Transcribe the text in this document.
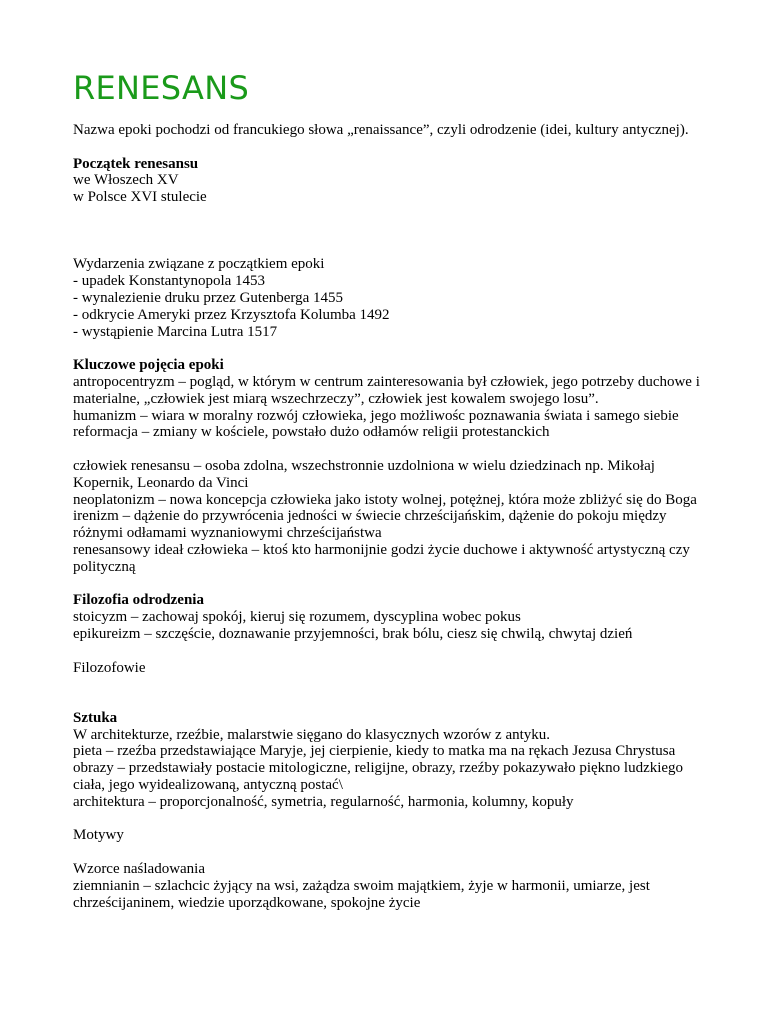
RENESANS

Nazwa epoki pochodzi od francukiego słowa „renaissance”, czyli odrodzenie (idei, kultury antycznej).

Początek renesansu

we Włoszech XV

w Polsce XVI stulecie

Wydarzenia związane z początkiem epoki

- upadek Konstantynopola 1453

- wynalezienie druku przez Gutenberga 1455

- odkrycie Ameryki przez Krzysztofa Kolumba 1492

- wystąpienie Marcina Lutra 1517

Kluczowe pojęcia epoki

antropocentryzm – pogląd, w którym w centrum zainteresowania był człowiek, jego potrzeby duchowe i materialne, „człowiek jest miarą wszechrzeczy”, człowiek jest kowalem swojego losu”.

humanizm – wiara w moralny rozwój człowieka, jego możliwośc poznawania świata i samego siebie

reformacja – zmiany w kościele, powstało dużo odłamów religii protestanckich

człowiek renesansu – osoba zdolna, wszechstronnie uzdolniona w wielu dziedzinach np. Mikołaj Kopernik, Leonardo da Vinci

neoplatonizm – nowa koncepcja człowieka jako istoty wolnej, potężnej, która może zbliżyć się do Boga

irenizm – dążenie do przywrócenia jedności w świecie chrześcijańskim, dążenie do pokoju między różnymi odłamami wyznaniowymi chrześcijaństwa

renesansowy ideał człowieka – ktoś kto harmonijnie godzi życie duchowe i aktywność artystyczną czy polityczną

Filozofia odrodzenia

stoicyzm – zachowaj spokój, kieruj się rozumem, dyscyplina wobec pokus

epikureizm – szczęście, doznawanie przyjemności, brak bólu, ciesz się chwilą, chwytaj dzień

Filozofowie

Sztuka

W architekturze, rzeźbie, malarstwie sięgano do klasycznych wzorów z antyku.

pieta – rzeźba przedstawiające Maryje, jej cierpienie, kiedy to matka ma na rękach Jezusa Chrystusa

obrazy – przedstawiały postacie mitologiczne, religijne, obrazy, rzeźby pokazywało piękno ludzkiego ciała, jego wyidealizowaną, antyczną postać\

architektura – proporcjonalność, symetria, regularność, harmonia, kolumny, kopuły

Motywy

Wzorce naśladowania

ziemnianin – szlachcic żyjący na wsi, zażądza swoim majątkiem, żyje w harmonii, umiarze, jest chrześcijaninem, wiedzie uporządkowane, spokojne życie
